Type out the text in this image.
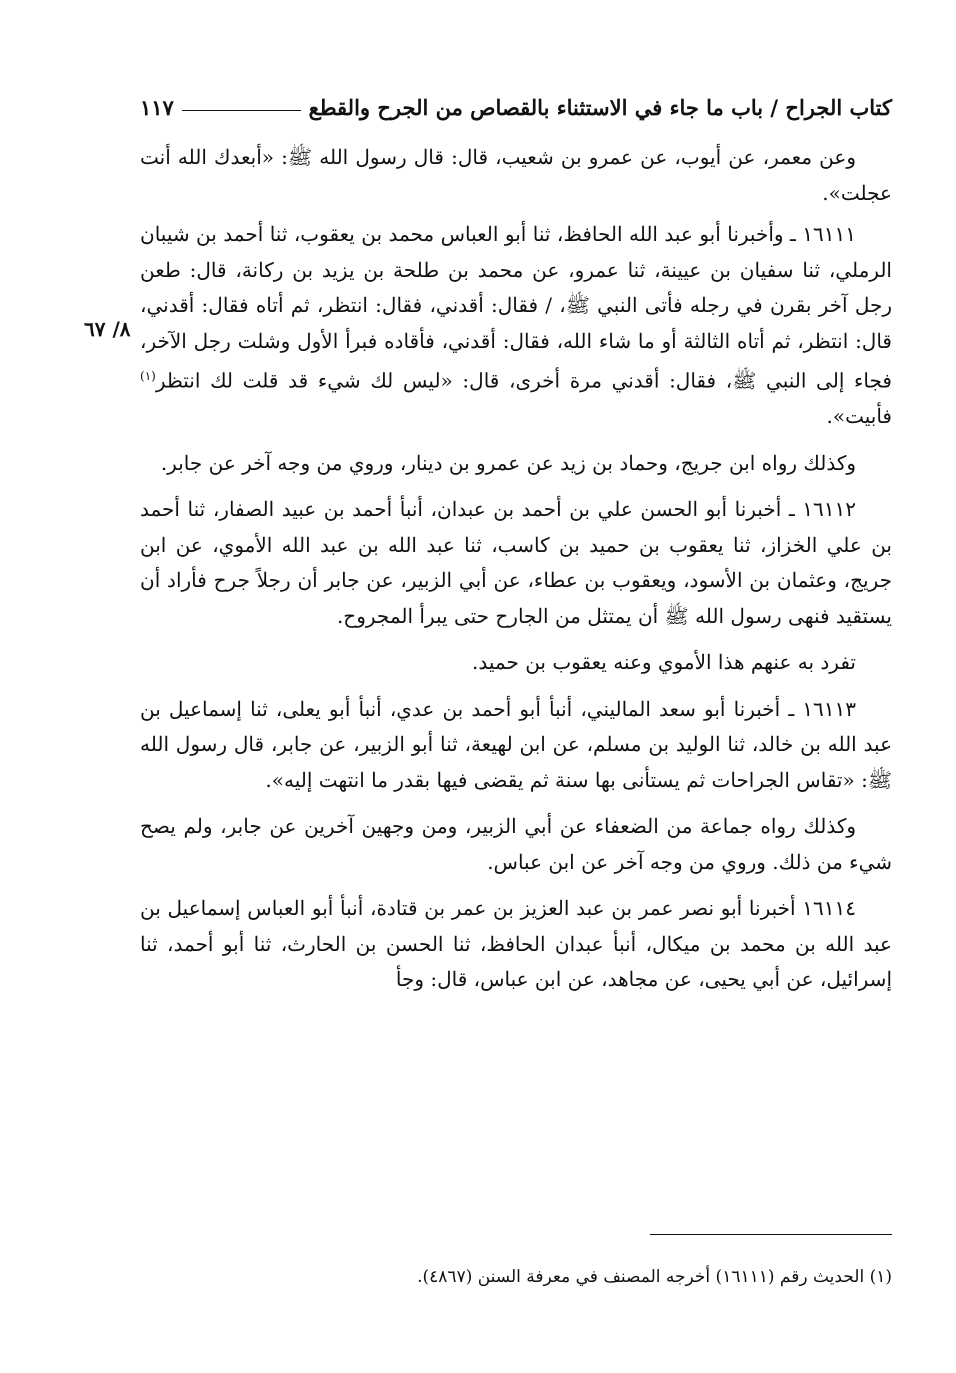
كتاب الجراح / باب ما جاء في الاستثناء بالقصاص من الجرح والقطع
١١٧
٨/ ٦٧

وعن معمر، عن أيوب، عن عمرو بن شعيب، قال: قال رسول الله ﷺ: «أبعدك الله أنت عجلت».

١٦١١١ ـ وأخبرنا أبو عبد الله الحافظ، ثنا أبو العباس محمد بن يعقوب، ثنا أحمد بن شيبان الرملي، ثنا سفيان بن عيينة، ثنا عمرو، عن محمد بن طلحة بن يزيد بن ركانة، قال: طعن رجل آخر بقرن في رجله فأتى النبي ﷺ، / فقال: أقدني، فقال: انتظر، ثم أتاه فقال: أقدني، قال: انتظر، ثم أتاه الثالثة أو ما شاء الله، فقال: أقدني، فأقاده فبرأ الأول وشلت رجل الآخر، فجاء إلى النبي ﷺ، فقال: أقدني مرة أخرى، قال: «ليس لك شيء قد قلت لك انتظر$^{(١)}$ فأبيت».

وكذلك رواه ابن جريج، وحماد بن زيد عن عمرو بن دينار، وروي من وجه آخر عن جابر.

١٦١١٢ ـ أخبرنا أبو الحسن علي بن أحمد بن عبدان، أنبأ أحمد بن عبيد الصفار، ثنا أحمد بن علي الخزاز، ثنا يعقوب بن حميد بن كاسب، ثنا عبد الله بن عبد الله الأموي، عن ابن جريج، وعثمان بن الأسود، ويعقوب بن عطاء، عن أبي الزبير، عن جابر أن رجلاً جرح فأراد أن يستقيد فنهى رسول الله ﷺ أن يمتثل من الجارح حتى يبرأ المجروح.

تفرد به عنهم هذا الأموي وعنه يعقوب بن حميد.

١٦١١٣ ـ أخبرنا أبو سعد الماليني، أنبأ أبو أحمد بن عدي، أنبأ أبو يعلى، ثنا إسماعيل بن عبد الله بن خالد، ثنا الوليد بن مسلم، عن ابن لهيعة، ثنا أبو الزبير، عن جابر، قال رسول الله ﷺ: «تقاس الجراحات ثم يستأنى بها سنة ثم يقضى فيها بقدر ما انتهت إليه».

وكذلك رواه جماعة من الضعفاء عن أبي الزبير، ومن وجهين آخرين عن جابر، ولم يصح شيء من ذلك. وروي من وجه آخر عن ابن عباس.

١٦١١٤ أخبرنا أبو نصر عمر بن عبد العزيز بن عمر بن قتادة، أنبأ أبو العباس إسماعيل بن عبد الله بن محمد بن ميكال، أنبأ عبدان الحافظ، ثنا الحسن بن الحارث، ثنا أبو أحمد، ثنا إسرائيل، عن أبي يحيى، عن مجاهد، عن ابن عباس، قال: وجأ

(١) الحديث رقم (١٦١١١) أخرجه المصنف في معرفة السنن (٤٨٦٧).
